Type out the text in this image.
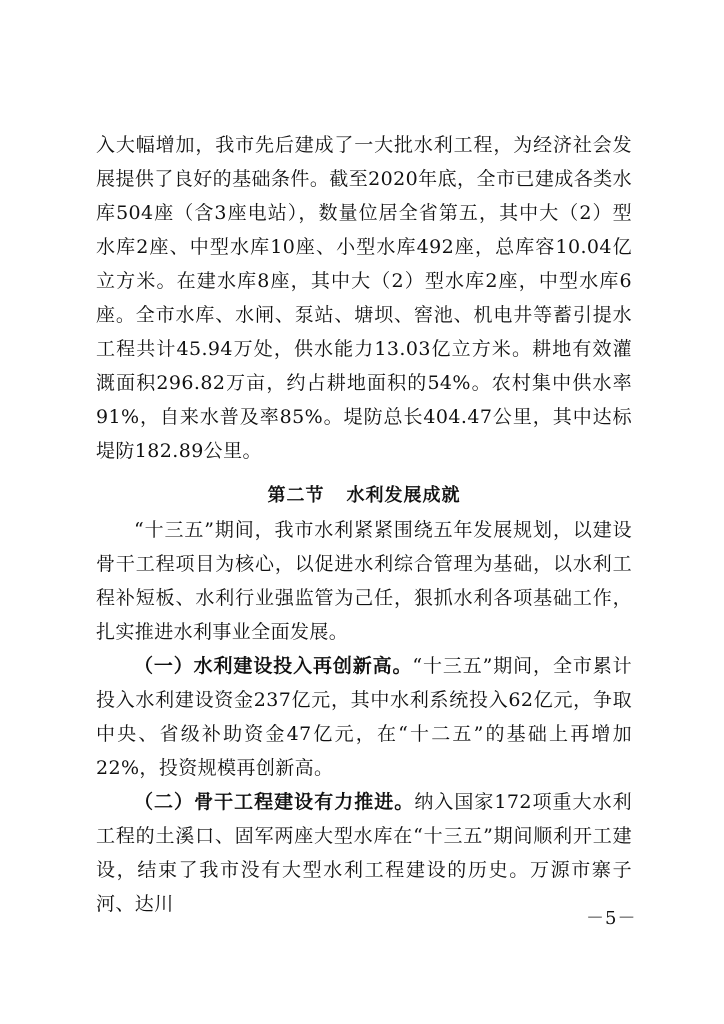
入大幅增加，我市先后建成了一大批水利工程，为经济社会发展提供了良好的基础条件。截至2020年底，全市已建成各类水库504座（含3座电站），数量位居全省第五，其中大（2）型水库2座、中型水库10座、小型水库492座，总库容10.04亿立方米。在建水库8座，其中大（2）型水库2座，中型水库6座。全市水库、水闸、泵站、塘坝、窖池、机电井等蓄引提水工程共计45.94万处，供水能力13.03亿立方米。耕地有效灌溉面积296.82万亩，约占耕地面积的54%。农村集中供水率91%，自来水普及率85%。堤防总长404.47公里，其中达标堤防182.89公里。

第二节 水利发展成就

“十三五”期间，我市水利紧紧围绕五年发展规划，以建设骨干工程项目为核心，以促进水利综合管理为基础，以水利工程补短板、水利行业强监管为己任，狠抓水利各项基础工作，扎实推进水利事业全面发展。

（一）水利建设投入再创新高。“十三五”期间，全市累计投入水利建设资金237亿元，其中水利系统投入62亿元，争取中央、省级补助资金47亿元，在“十二五”的基础上再增加22%，投资规模再创新高。

（二）骨干工程建设有力推进。纳入国家172项重大水利工程的土溪口、固军两座大型水库在“十三五”期间顺利开工建设，结束了我市没有大型水利工程建设的历史。万源市寨子河、达川

－5－
